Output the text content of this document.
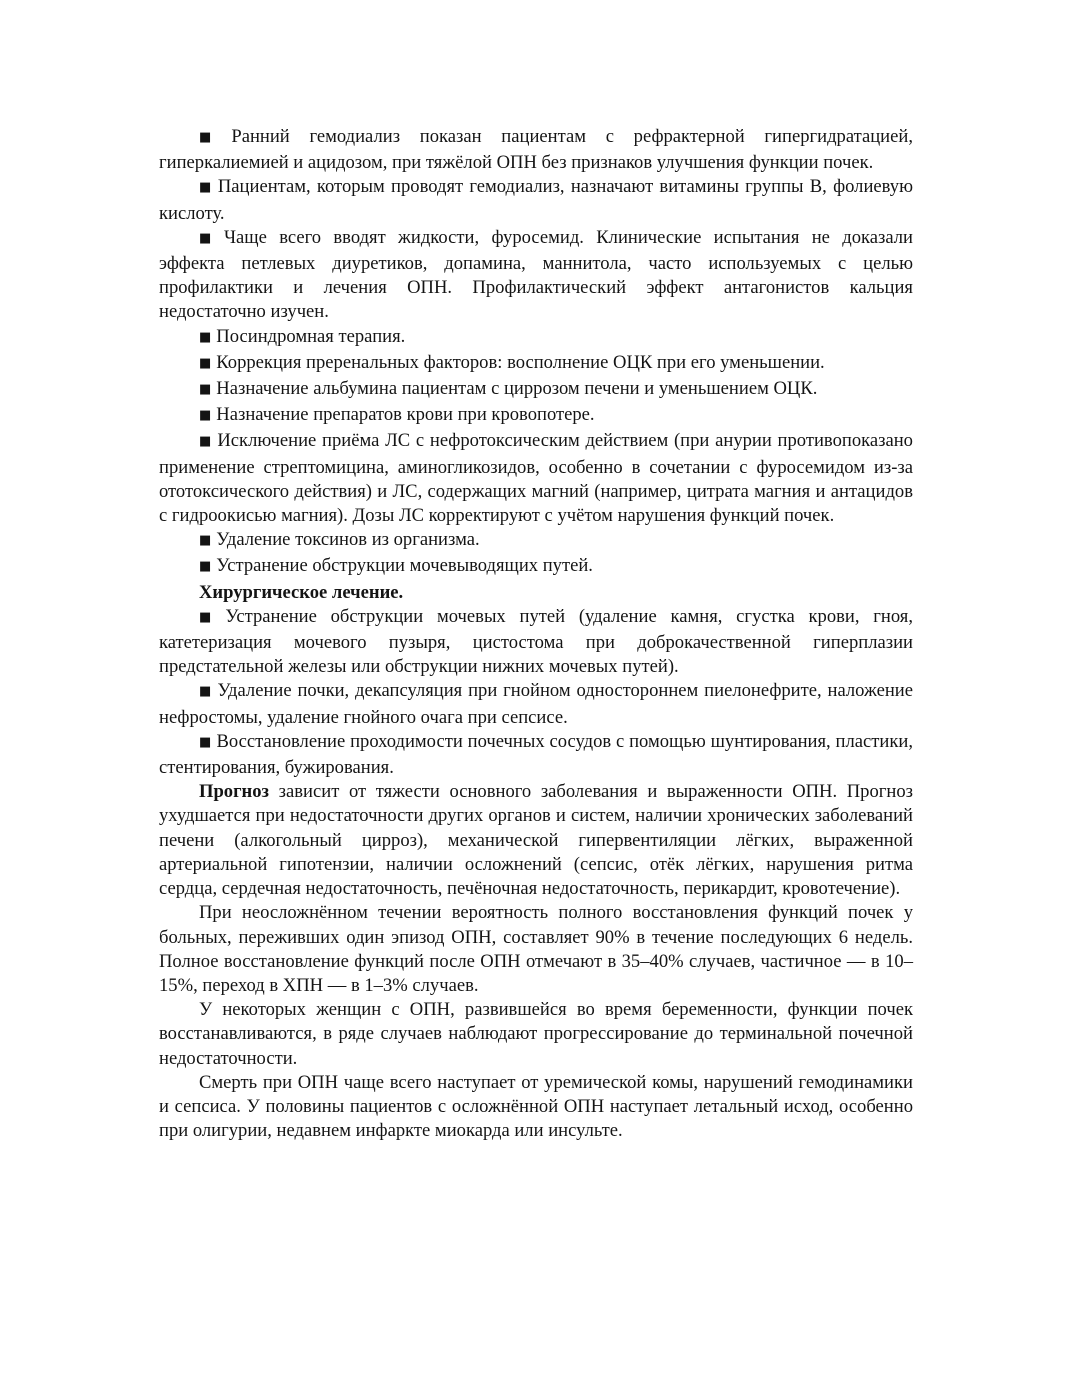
■ Ранний гемодиализ показан пациентам с рефрактерной гипергидратацией, гиперкалиемией и ацидозом, при тяжёлой ОПН без признаков улучшения функции почек.

■ Пациентам, которым проводят гемодиализ, назначают витамины группы В, фолиевую кислоту.

■ Чаще всего вводят жидкости, фуросемид. Клинические испытания не доказали эффекта петлевых диуретиков, допамина, маннитола, часто используемых с целью профилактики и лечения ОПН. Профилактический эффект антагонистов кальция недостаточно изучен.

■ Посиндромная терапия.

■ Коррекция преренальных факторов: восполнение ОЦК при его уменьшении.

■ Назначение альбумина пациентам с циррозом печени и уменьшением ОЦК.

■ Назначение препаратов крови при кровопотере.

■ Исключение приёма ЛС с нефротоксическим действием (при анурии противопоказано применение стрептомицина, аминогликозидов, особенно в сочетании с фуросемидом из-за ототоксического действия) и ЛС, содержащих магний (например, цитрата магния и антацидов с гидроокисью магния). Дозы ЛС корректируют с учётом нарушения функций почек.

■ Удаление токсинов из организма.

■ Устранение обструкции мочевыводящих путей.

Хирургическое лечение.

■ Устранение обструкции мочевых путей (удаление камня, сгустка крови, гноя, катетеризация мочевого пузыря, цистостома при доброкачественной гиперплазии предстательной железы или обструкции нижних мочевых путей).

■ Удаление почки, декапсуляция при гнойном одностороннем пиелонефрите, наложение нефростомы, удаление гнойного очага при сепсисе.

■ Восстановление проходимости почечных сосудов с помощью шунтирования, пластики, стентирования, бужирования.

Прогноз зависит от тяжести основного заболевания и выраженности ОПН. Прогноз ухудшается при недостаточности других органов и систем, наличии хронических заболеваний печени (алкогольный цирроз), механической гипервентиляции лёгких, выраженной артериальной гипотензии, наличии осложнений (сепсис, отёк лёгких, нарушения ритма сердца, сердечная недостаточность, печёночная недостаточность, перикардит, кровотечение).

При неосложнённом течении вероятность полного восстановления функций почек у больных, переживших один эпизод ОПН, составляет 90% в течение последующих 6 недель. Полное восстановление функций после ОПН отмечают в 35–40% случаев, частичное — в 10–15%, переход в ХПН — в 1–3% случаев.

У некоторых женщин с ОПН, развившейся во время беременности, функции почек восстанавливаются, в ряде случаев наблюдают прогрессирование до терминальной почечной недостаточности.

Смерть при ОПН чаще всего наступает от уремической комы, нарушений гемодинамики и сепсиса. У половины пациентов с осложнённой ОПН наступает летальный исход, особенно при олигурии, недавнем инфаркте миокарда или инсульте.
